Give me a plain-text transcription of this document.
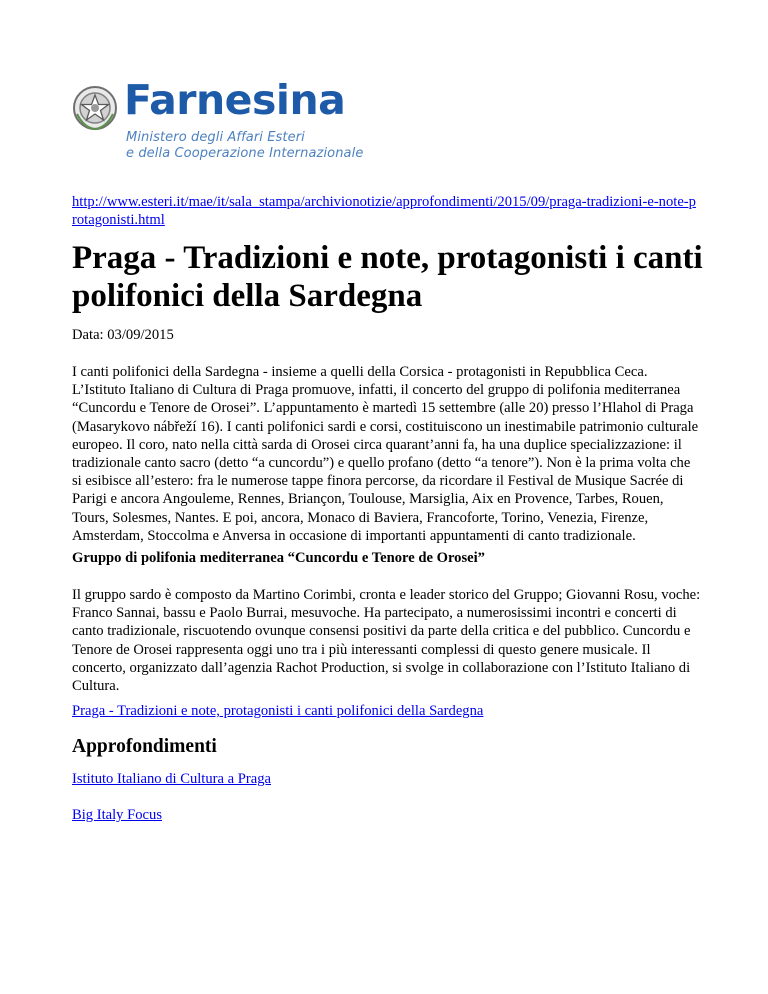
Farnesina
Ministero degli Affari Esteri
e della Cooperazione Internazionale
http://www.esteri.it/mae/it/sala_stampa/archivionotizie/approfondimenti/2015/09/praga-tradizioni-e-note-protagonisti.html
Praga - Tradizioni e note, protagonisti i canti polifonici della Sardegna
Data: 03/09/2015

I canti polifonici della Sardegna - insieme a quelli della Corsica - protagonisti in Repubblica Ceca. L’Istituto Italiano di Cultura di Praga promuove, infatti, il concerto del gruppo di polifonia mediterranea “Cuncordu e Tenore de Orosei”. L’appuntamento è martedì 15 settembre (alle 20) presso l’Hlahol di Praga (Masarykovo nábřeží 16). I canti polifonici sardi e corsi, costituiscono un inestimabile patrimonio culturale europeo. Il coro, nato nella città sarda di Orosei circa quarant’anni fa, ha una duplice specializzazione: il tradizionale canto sacro (detto “a cuncordu”) e quello profano (detto “a tenore”). Non è la prima volta che si esibisce all’estero: fra le numerose tappe finora percorse, da ricordare il Festival de Musique Sacrée di Parigi e ancora Angouleme, Rennes, Briançon, Toulouse, Marsiglia, Aix en Provence, Tarbes, Rouen, Tours, Solesmes, Nantes. E poi, ancora, Monaco di Baviera, Francoforte, Torino, Venezia, Firenze, Amsterdam, Stoccolma e Anversa in occasione di importanti appuntamenti di canto tradizionale.

Gruppo di polifonia mediterranea “Cuncordu e Tenore de Orosei”

Il gruppo sardo è composto da Martino Corimbi, cronta e leader storico del Gruppo; Giovanni Rosu, voche: Franco Sannai, bassu e Paolo Burrai, mesuvoche. Ha partecipato, a numerosissimi incontri e concerti di canto tradizionale, riscuotendo ovunque consensi positivi da parte della critica e del pubblico. Cuncordu e Tenore de Orosei rappresenta oggi uno tra i più interessanti complessi di questo genere musicale. Il concerto, organizzato dall’agenzia Rachot Production, si svolge in collaborazione con l’Istituto Italiano di Cultura.

Praga - Tradizioni e note, protagonisti i canti polifonici della Sardegna
Approfondimenti
Istituto Italiano di Cultura a Praga
Big Italy Focus
